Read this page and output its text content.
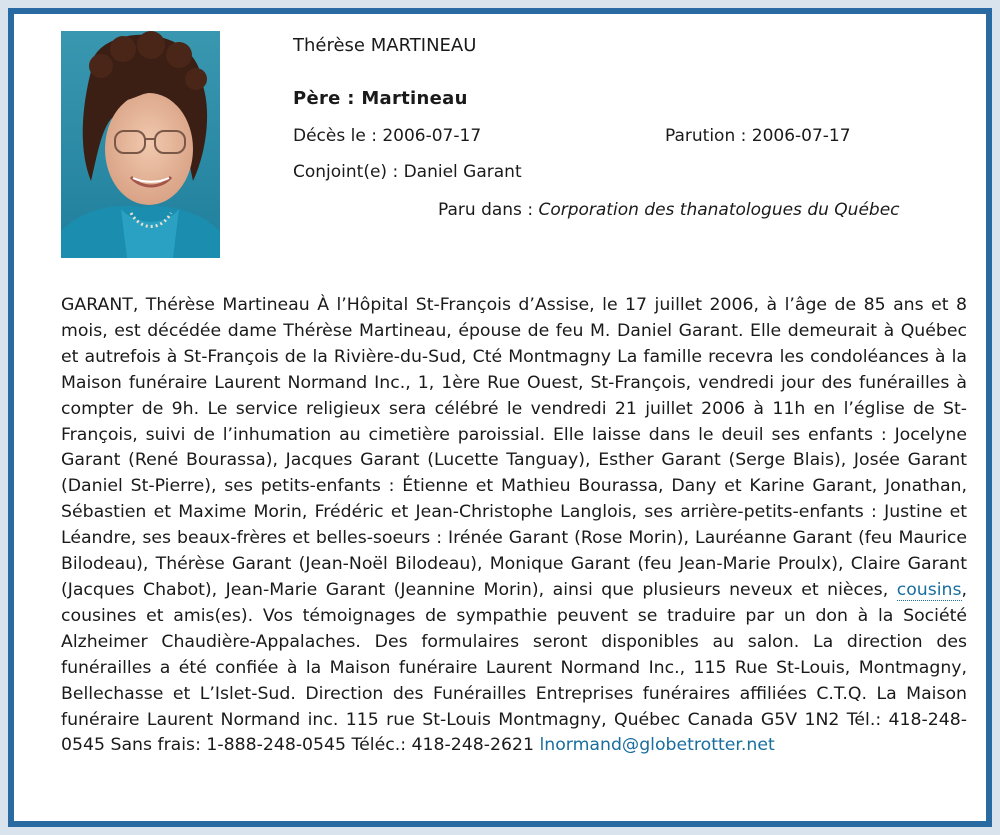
Thérèse MARTINEAU
Père : Martineau
Décès le : 2006-07-17	Parution : 2006-07-17
Conjoint(e) : Daniel Garant
Paru dans : Corporation des thanatologues du Québec
GARANT, Thérèse Martineau À l’Hôpital St-François d’Assise, le 17 juillet 2006, à l’âge de 85 ans et 8 mois, est décédée dame Thérèse Martineau, épouse de feu M. Daniel Garant. Elle demeurait à Québec et autrefois à St-François de la Rivière-du-Sud, Cté Montmagny La famille recevra les condoléances à la Maison funéraire Laurent Normand Inc., 1, 1ère Rue Ouest, St-François, vendredi jour des funérailles à compter de 9h. Le service religieux sera célébré le vendredi 21 juillet 2006 à 11h en l’église de St-François, suivi de l’inhumation au cimetière paroissial. Elle laisse dans le deuil ses enfants : Jocelyne Garant (René Bourassa), Jacques Garant (Lucette Tanguay), Esther Garant (Serge Blais), Josée Garant (Daniel St-Pierre), ses petits-enfants : Étienne et Mathieu Bourassa, Dany et Karine Garant, Jonathan, Sébastien et Maxime Morin, Frédéric et Jean-Christophe Langlois, ses arrière-petits-enfants : Justine et Léandre, ses beaux-frères et belles-soeurs : Irénée Garant (Rose Morin), Lauréanne Garant (feu Maurice Bilodeau), Thérèse Garant (Jean-Noël Bilodeau), Monique Garant (feu Jean-Marie Proulx), Claire Garant (Jacques Chabot), Jean-Marie Garant (Jeannine Morin), ainsi que plusieurs neveux et nièces, cousins, cousines et amis(es). Vos témoignages de sympathie peuvent se traduire par un don à la Société Alzheimer Chaudière-Appalaches. Des formulaires seront disponibles au salon. La direction des funérailles a été confiée à la Maison funéraire Laurent Normand Inc., 115 Rue St-Louis, Montmagny, Bellechasse et L’Islet-Sud. Direction des Funérailles Entreprises funéraires affiliées C.T.Q. La Maison funéraire Laurent Normand inc. 115 rue St-Louis Montmagny, Québec Canada G5V 1N2 Tél.: 418-248-0545 Sans frais: 1-888-248-0545 Téléc.: 418-248-2621 lnormand@globetrotter.net
